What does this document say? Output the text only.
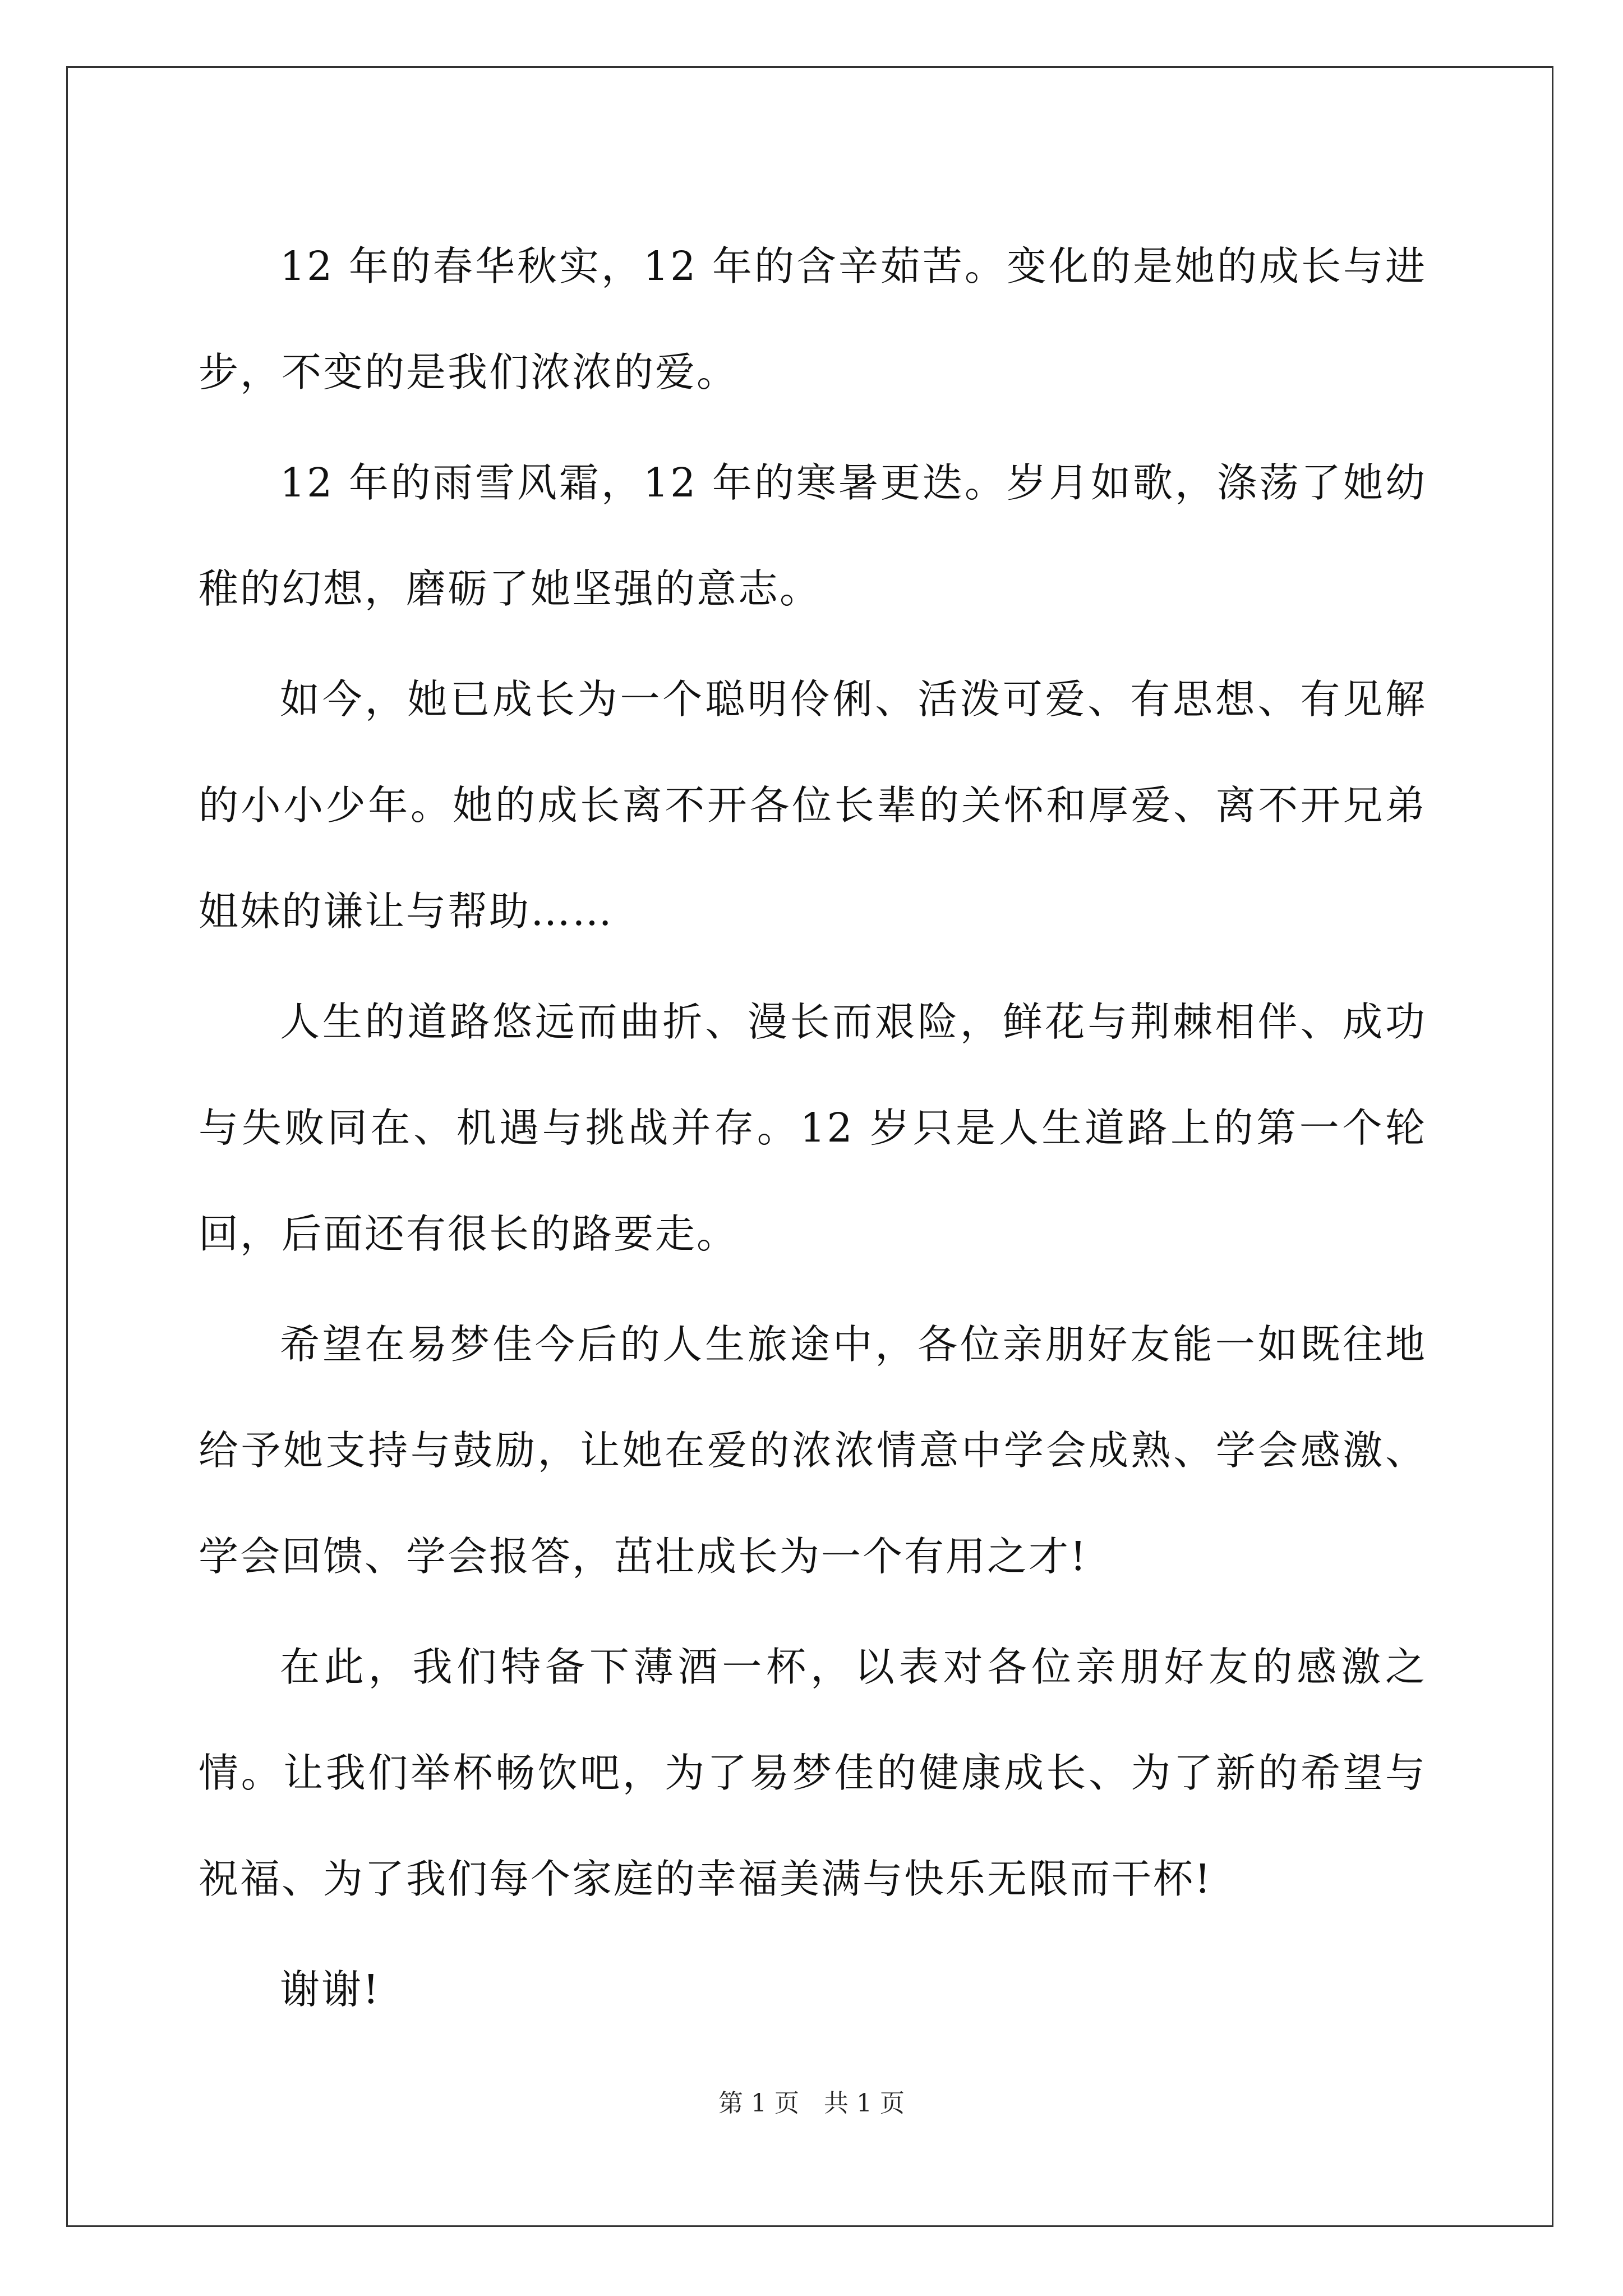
12 年的春华秋实，12 年的含辛茹苦。变化的是她的成长与进步，不变的是我们浓浓的爱。

12 年的雨雪风霜，12 年的寒暑更迭。岁月如歌，涤荡了她幼稚的幻想，磨砺了她坚强的意志。

如今，她已成长为一个聪明伶俐、活泼可爱、有思想、有见解的小小少年。她的成长离不开各位长辈的关怀和厚爱、离不开兄弟姐妹的谦让与帮助……

人生的道路悠远而曲折、漫长而艰险，鲜花与荆棘相伴、成功与失败同在、机遇与挑战并存。12 岁只是人生道路上的第一个轮回，后面还有很长的路要走。

希望在易梦佳今后的人生旅途中，各位亲朋好友能一如既往地给予她支持与鼓励，让她在爱的浓浓情意中学会成熟、学会感激、学会回馈、学会报答，茁壮成长为一个有用之才!

在此，我们特备下薄酒一杯，以表对各位亲朋好友的感激之情。让我们举杯畅饮吧，为了易梦佳的健康成长、为了新的希望与祝福、为了我们每个家庭的幸福美满与快乐无限而干杯!

谢谢!

第 1 页　共 1 页
